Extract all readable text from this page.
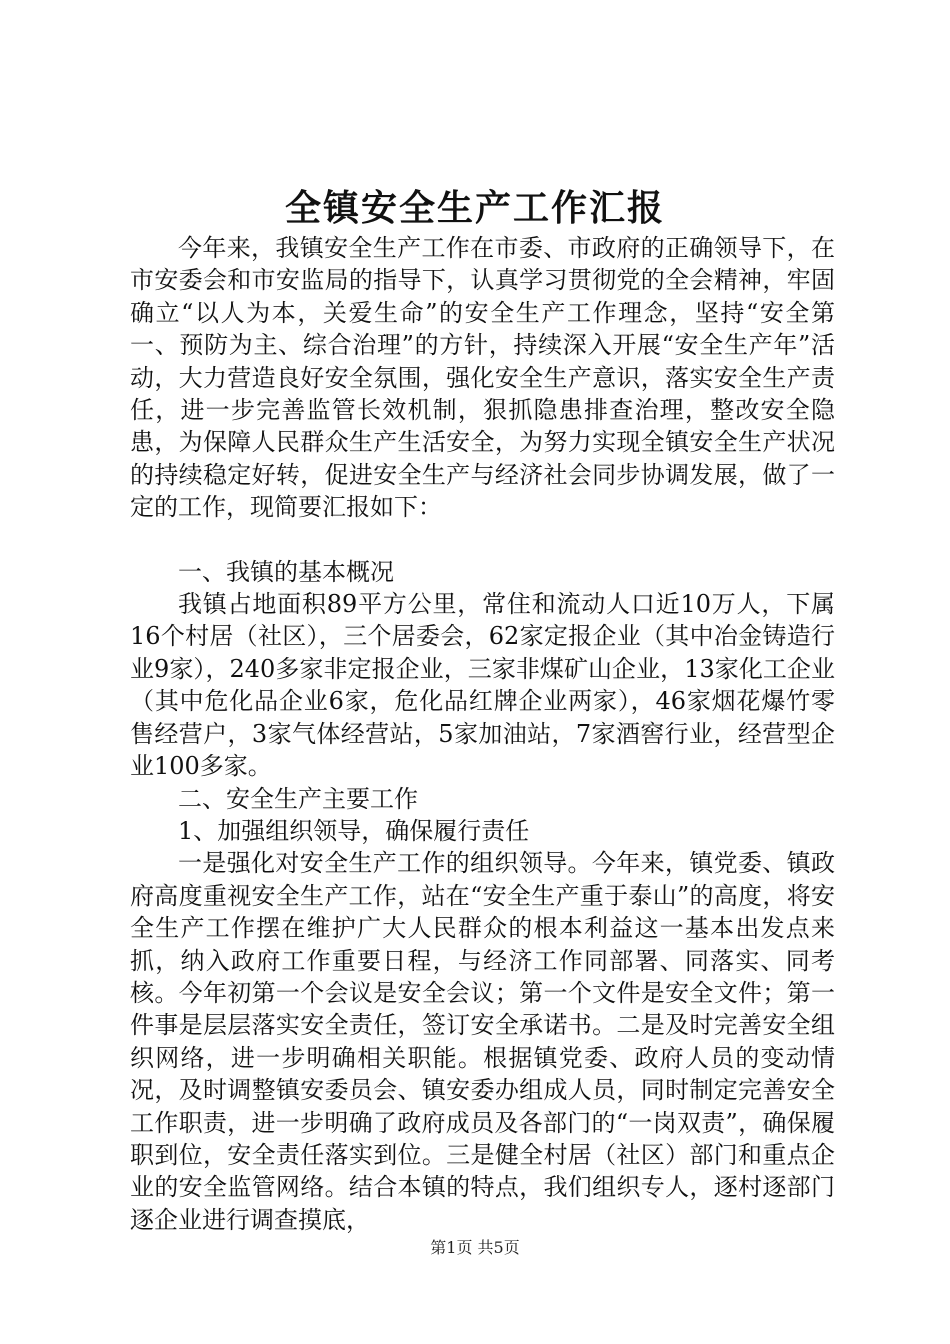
全镇安全生产工作汇报

今年来，我镇安全生产工作在市委、市政府的正确领导下，在市安委会和市安监局的指导下，认真学习贯彻党的全会精神，牢固确立“以人为本，关爱生命”的安全生产工作理念，坚持“安全第一、预防为主、综合治理”的方针，持续深入开展“安全生产年”活动，大力营造良好安全氛围，强化安全生产意识，落实安全生产责任，进一步完善监管长效机制，狠抓隐患排查治理，整改安全隐患，为保障人民群众生产生活安全，为努力实现全镇安全生产状况的持续稳定好转，促进安全生产与经济社会同步协调发展，做了一定的工作，现简要汇报如下：

一、我镇的基本概况

我镇占地面积89平方公里，常住和流动人口近10万人，下属16个村居（社区），三个居委会，62家定报企业（其中冶金铸造行业9家），240多家非定报企业，三家非煤矿山企业，13家化工企业（其中危化品企业6家，危化品红牌企业两家），46家烟花爆竹零售经营户，3家气体经营站，5家加油站，7家酒窖行业，经营型企业100多家。

二、安全生产主要工作

1、加强组织领导，确保履行责任

一是强化对安全生产工作的组织领导。今年来，镇党委、镇政府高度重视安全生产工作，站在“安全生产重于泰山”的高度，将安全生产工作摆在维护广大人民群众的根本利益这一基本出发点来抓，纳入政府工作重要日程，与经济工作同部署、同落实、同考核。今年初第一个会议是安全会议；第一个文件是安全文件；第一件事是层层落实安全责任，签订安全承诺书。二是及时完善安全组织网络，进一步明确相关职能。根据镇党委、政府人员的变动情况，及时调整镇安委员会、镇安委办组成人员，同时制定完善安全工作职责，进一步明确了政府成员及各部门的“一岗双责”，确保履职到位，安全责任落实到位。三是健全村居（社区）部门和重点企业的安全监管网络。结合本镇的特点，我们组织专人，逐村逐部门逐企业进行调查摸底，

第1页 共5页
